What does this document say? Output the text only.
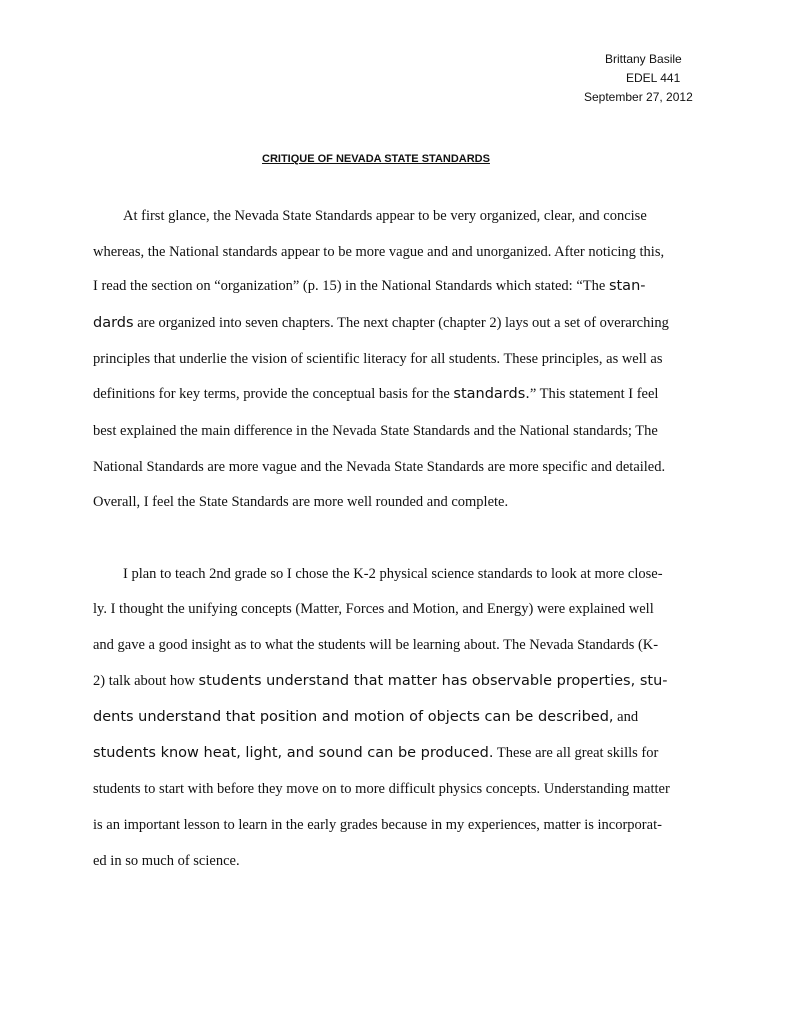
Brittany Basile
EDEL 441
September 27, 2012
CRITIQUE OF NEVADA STATE STANDARDS
At first glance, the Nevada State Standards appear to be very organized, clear, and concise
whereas, the National standards appear to be more vague and and unorganized. After noticing this,
I read the section on “organization” (p. 15) in the National Standards which stated: “The stan-
dards are organized into seven chapters. The next chapter (chapter 2) lays out a set of overarching
principles that underlie the vision of scientific literacy for all students. These principles, as well as
definitions for key terms, provide the conceptual basis for the standards.” This statement I feel
best explained the main difference in the Nevada State Standards and the National standards; The
National Standards are more vague and the Nevada State Standards are more specific and detailed.
Overall, I feel the State Standards are more well rounded and complete.
I plan to teach 2nd grade so I chose the K-2 physical science standards to look at more close-
ly. I thought the unifying concepts (Matter, Forces and Motion, and Energy) were explained well
and gave a good insight as to what the students will be learning about. The Nevada Standards (K-
2) talk about how students understand that matter has observable properties, stu-
dents understand that position and motion of objects can be described, and
students know heat, light, and sound can be produced. These are all great skills for
students to start with before they move on to more difficult physics concepts. Understanding matter
is an important lesson to learn in the early grades because in my experiences, matter is incorporat-
ed in so much of science.
